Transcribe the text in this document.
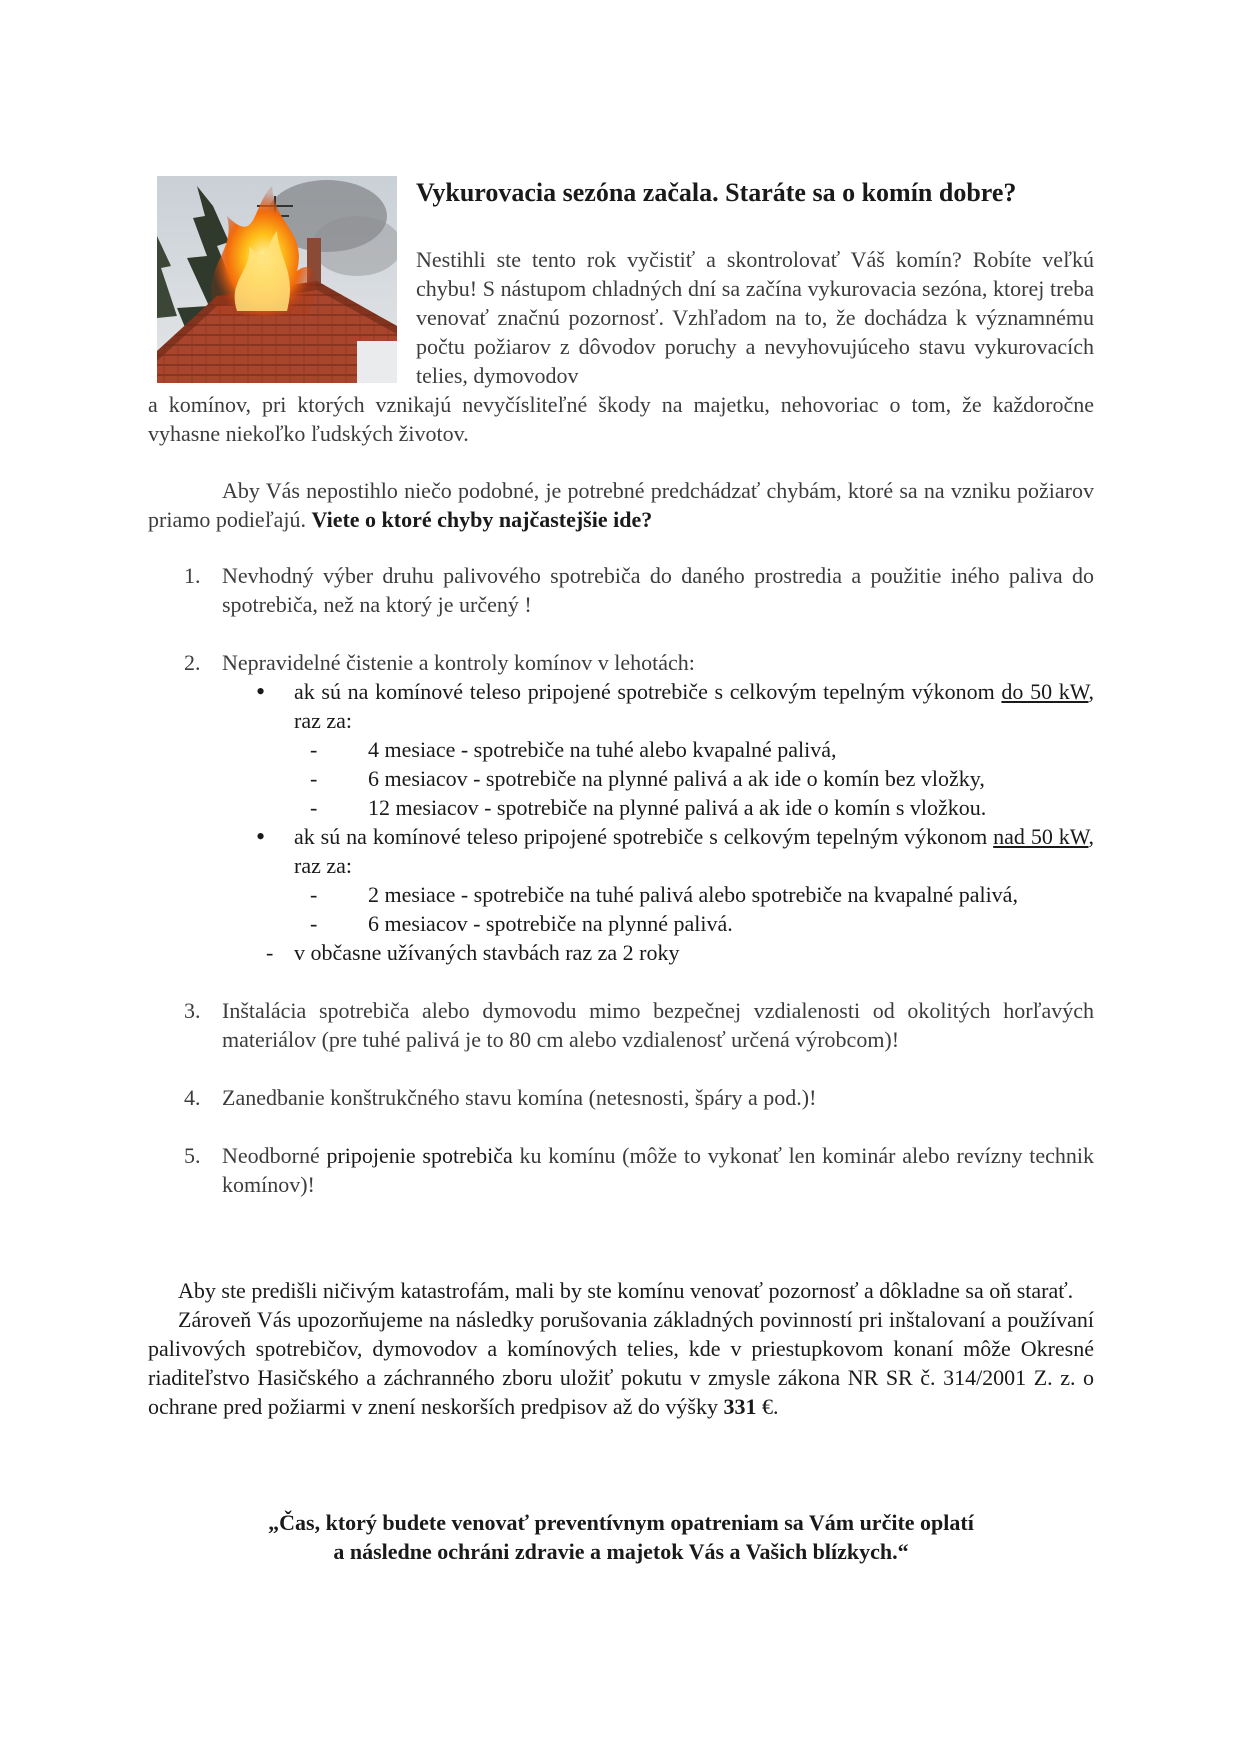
Vykurovacia sezóna začala. Staráte sa o komín dobre?

Nestihli ste tento rok vyčistiť a skontrolovať Váš komín? Robíte veľkú chybu! S nástupom chladných dní sa začína vykurovacia sezóna, ktorej treba venovať značnú pozornosť. Vzhľadom na to, že dochádza k významnému počtu požiarov z dôvodov poruchy a nevyhovujúceho stavu vykurovacích telies, dymovodov
a komínov, pri ktorých vznikajú nevyčísliteľné škody na majetku, nehovoriac o tom, že každoročne vyhasne niekoľko ľudských životov.

Aby Vás nepostihlo niečo podobné, je potrebné predchádzať chybám, ktoré sa na vzniku požiarov priamo podieľajú. Viete o ktoré chyby najčastejšie ide?

1. Nevhodný výber druhu palivového spotrebiča do daného prostredia a použitie iného paliva do spotrebiča, než na ktorý je určený !
2. Nepravidelné čistenie a kontroly komínov v lehotách:
• ak sú na komínové teleso pripojené spotrebiče s celkovým tepelným výkonom do 50 kW, raz za:
- 4 mesiace - spotrebiče na tuhé alebo kvapalné palivá,
- 6 mesiacov - spotrebiče na plynné palivá a ak ide o komín bez vložky,
- 12 mesiacov - spotrebiče na plynné palivá a ak ide o komín s vložkou.
• ak sú na komínové teleso pripojené spotrebiče s celkovým tepelným výkonom nad 50 kW, raz za:
- 2 mesiace - spotrebiče na tuhé palivá alebo spotrebiče na kvapalné palivá,
- 6 mesiacov - spotrebiče na plynné palivá.
- v občasne užívaných stavbách raz za 2 roky
3. Inštalácia spotrebiča alebo dymovodu mimo bezpečnej vzdialenosti od okolitých horľavých materiálov (pre tuhé palivá je to 80 cm alebo vzdialenosť určená výrobcom)!
4. Zanedbanie konštrukčného stavu komína (netesnosti, špáry a pod.)!
5. Neodborné pripojenie spotrebiča ku komínu (môže to vykonať len kominár alebo revízny technik komínov)!
Aby ste predišli ničivým katastrofám, mali by ste komínu venovať pozornosť a dôkladne sa oň starať.
Zároveň Vás upozorňujeme na následky porušovania základných povinností pri inštalovaní a používaní palivových spotrebičov, dymovodov a komínových telies, kde v priestupkovom konaní môže Okresné riaditeľstvo Hasičského a záchranného zboru uložiť pokutu v zmysle zákona NR SR č. 314/2001 Z. z. o ochrane pred požiarmi v znení neskorších predpisov až do výšky 331 €.
„Čas, ktorý budete venovať preventívnym opatreniam sa Vám určite oplatí
a následne ochráni zdravie a majetok Vás a Vašich blízkych.“
